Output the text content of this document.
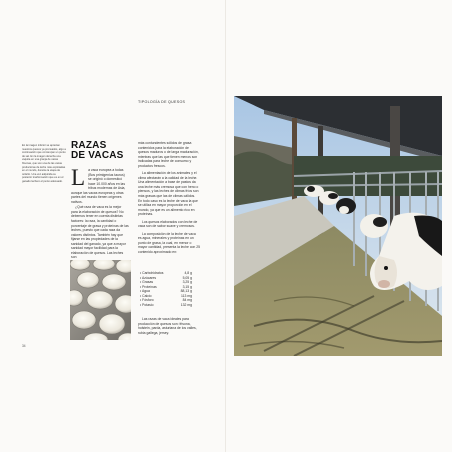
TIPOLOGÍA DE QUESOS
En la imagen inferior se aprecian nuestros quesos ya prensados, algo a continuación que comiençan un punto de sal. En la imagen derecha una vaquita en una granja de vacas frisonas, que son una de las vacas productoras de leche más explotadas en el mundo, durante la etapa de ordeño. Una vez adquirida su posterior trasformación que es en el ganado lechero el punto adecuado.
RAZAS
DE VACAS

La vaca europea a todas (Bos primigenius taurus) se originó o domesticó hace 10.000 años en las tribus modernas de Asia, aunque las vacas europeas y otras partes del mundo tienen orígenes nativos.

¿Qué raza de vaca es la mejor para la elaboración de quesos? No debemos tener en cuenta distintas factores: la raza, la cantidad o porcentaje de grasa y proteínas de las leches, puesto que cada raza da valores distintos. También hay que fijarse en las propiedades de la sanidad del ganado, ya que a mayor sanidad mayor facilidad para la elaboración de quesos. Las leches son

más contundentes sólidos de grasa contenidos para la elaboración de quesos maduros o de larga maduración, mientras que las que tienen menos son indicadas para leche de consumo y productos frescos.

La alimentación de los animales y el clima afectarán a la calidad de la leche. Una alimentación a base de pastos da una leche más cremosa que con heno o piensos, y las leches de climas fríos son más grasas que las de climas cálidos. En todo caso es la leche de vaca la que se utiliza en mayor proporción en el mundo, ya que es un alimento rico en proteínas.

Los quesos elaborados con leche de vaca son de sabor suave y cremosos.

La composición de la leche de vaca es agua, minerales y proteínas en un punto de grasa, la cual, en menor o mayor cantidad, presenta la leche con 25 contenido aproximado en:

• Carbohidratos	4,8 g
• Azúcares	5,05 g
• Grasas	3,25 g
• Proteínas	3,15 g
• Agua	88,13 g
• Calcio	113 mg
• Fósforo	84 mg
• Potasio	132 mg

Las razas de vaca ideales para producción de quesos son: frisona, holstein, parda, asturiana de los valles, rubia gallega, jersey.

34
